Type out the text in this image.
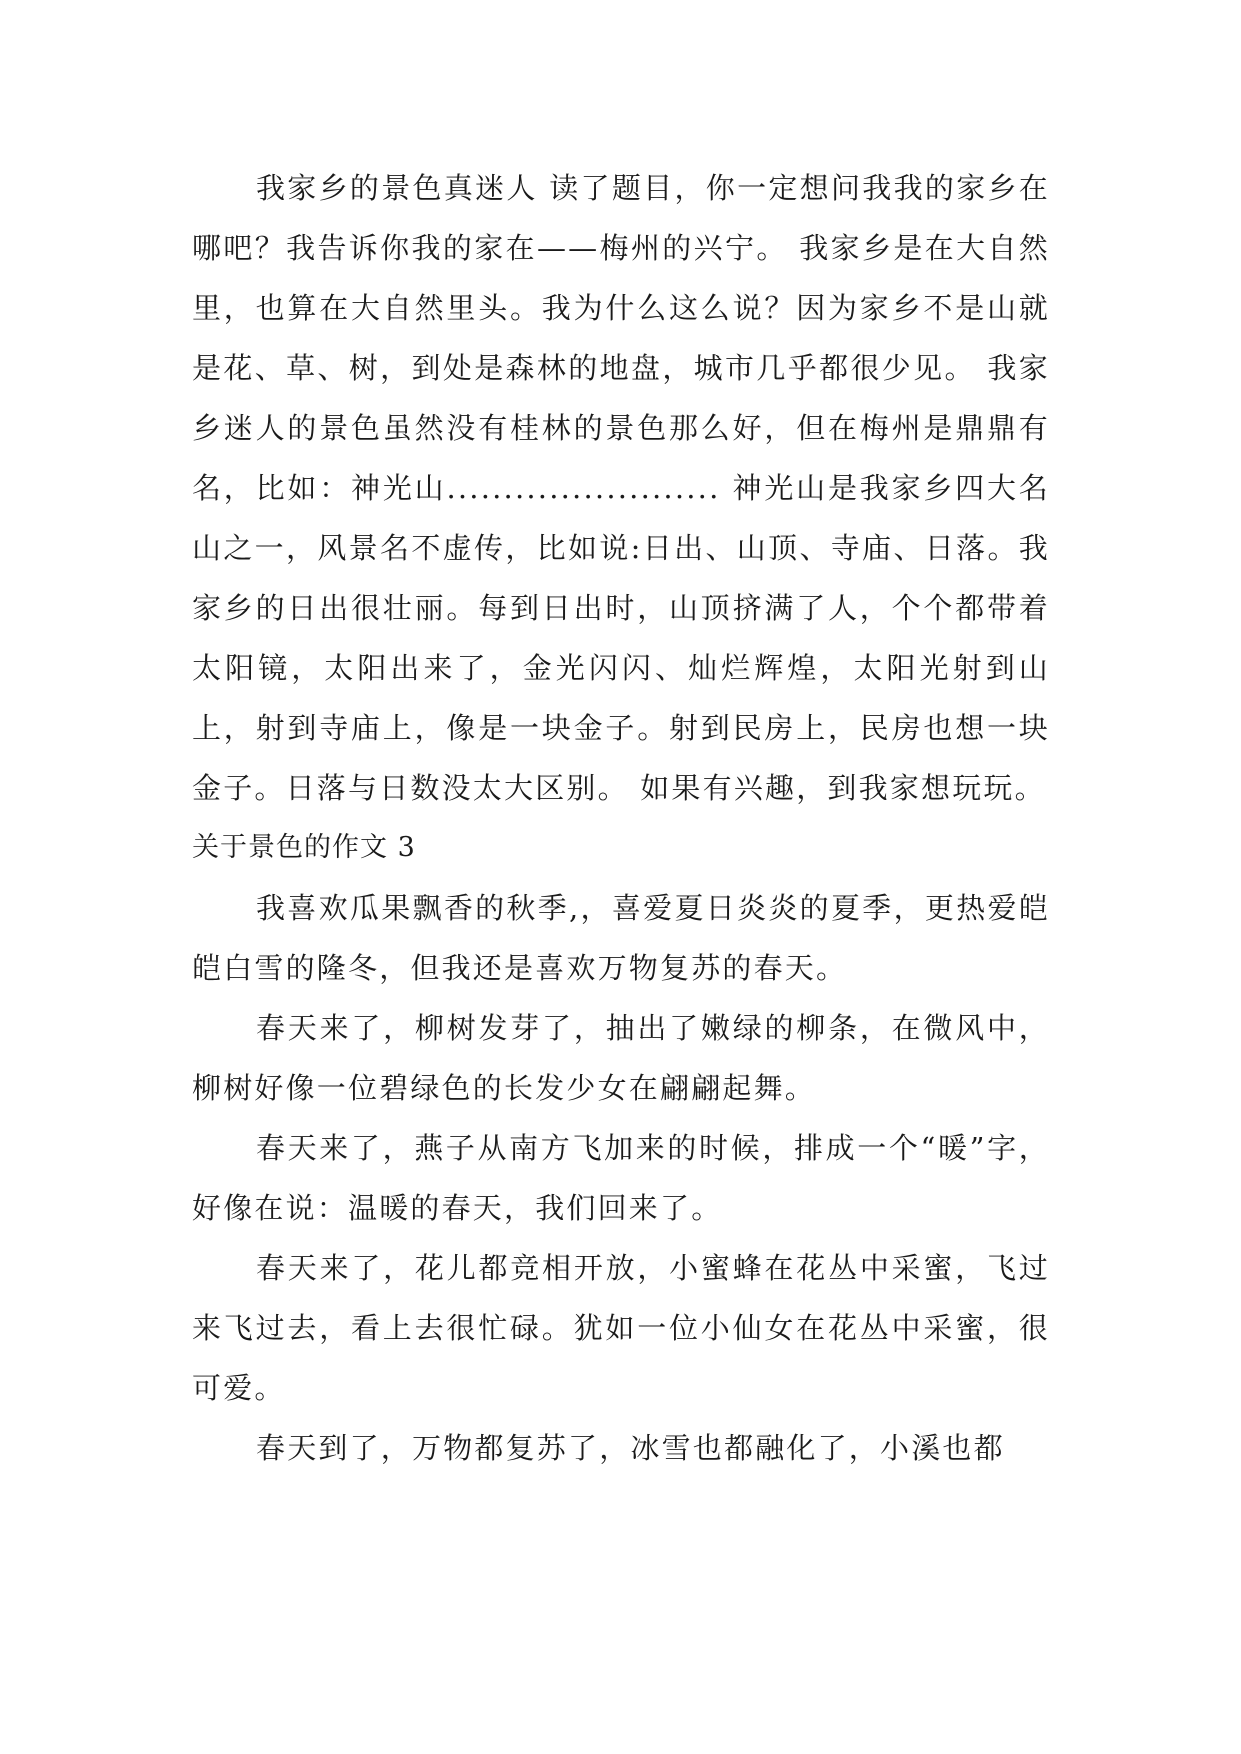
我家乡的景色真迷人 读了题目，你一定想问我我的家乡在哪吧？我告诉你我的家在——梅州的兴宁。 我家乡是在大自然里，也算在大自然里头。我为什么这么说？因为家乡不是山就是花、草、树，到处是森林的地盘，城市几乎都很少见。 我家乡迷人的景色虽然没有桂林的景色那么好，但在梅州是鼎鼎有名，比如：神光山........................ 神光山是我家乡四大名山之一，风景名不虚传，比如说:日出、山顶、寺庙、日落。我家乡的日出很壮丽。每到日出时，山顶挤满了人，个个都带着太阳镜，太阳出来了，金光闪闪、灿烂辉煌，太阳光射到山上，射到寺庙上，像是一块金子。射到民房上，民房也想一块金子。日落与日数没太大区别。 如果有兴趣，到我家想玩玩。

关于景色的作文 3

我喜欢瓜果飘香的秋季,，喜爱夏日炎炎的夏季，更热爱皑皑白雪的隆冬，但我还是喜欢万物复苏的春天。

春天来了，柳树发芽了，抽出了嫩绿的柳条，在微风中，柳树好像一位碧绿色的长发少女在翩翩起舞。

春天来了，燕子从南方飞加来的时候，排成一个“暖”字，好像在说：温暖的春天，我们回来了。

春天来了，花儿都竞相开放，小蜜蜂在花丛中采蜜，飞过来飞过去，看上去很忙碌。犹如一位小仙女在花丛中采蜜，很可爱。

春天到了，万物都复苏了，冰雪也都融化了，小溪也都
